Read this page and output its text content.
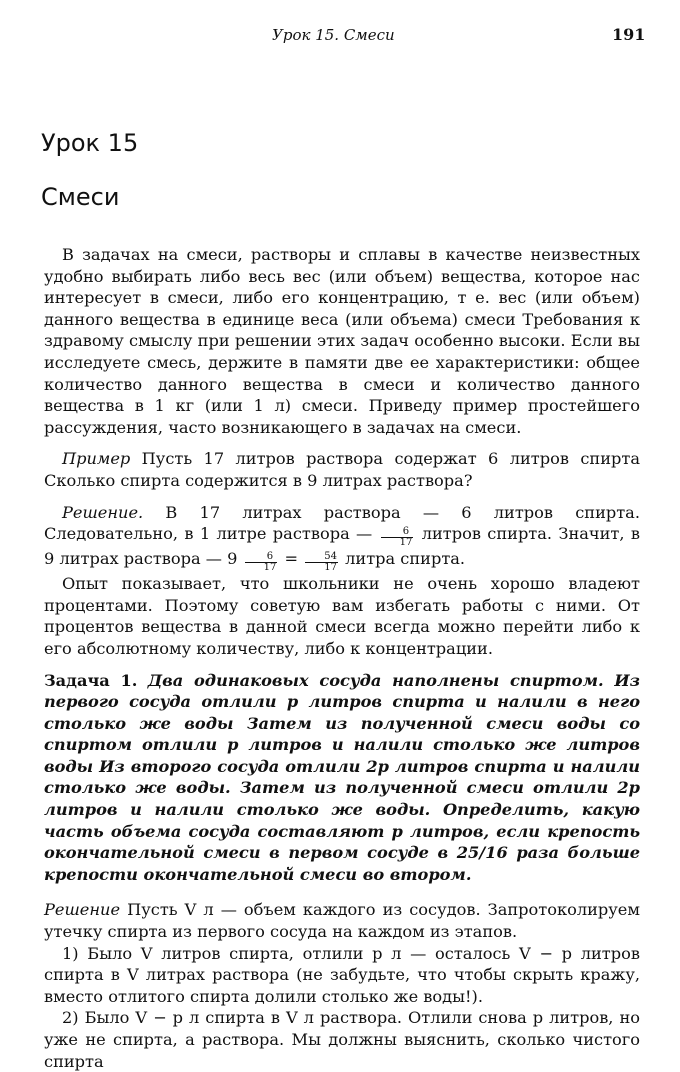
Урок 15. Смеси	191
Урок 15
Смеси

В задачах на смеси, растворы и сплавы в качестве неизвестных удобно выбирать либо весь вес (или объем) вещества, которое нас интересует в смеси, либо его концентрацию, т е. вес (или объем) данного вещества в единице веса (или объема) смеси Требования к здравому смыслу при решении этих задач особенно высоки. Если вы исследуете смесь, держите в памяти две ее характеристики: общее количество данного вещества в смеси и количество данного вещества в 1 кг (или 1 л) смеси. Приведу пример простейшего рассуждения, часто возникающего в задачах на смеси.

Пример Пусть 17 литров раствора содержат 6 литров спирта Сколько спирта содержится в 9 литрах раствора?

Решение. В 17 литрах раствора — 6 литров спирта. Следовательно, в 1 литре раствора — $\frac{6}{17}$ литров спирта. Значит, в 9 литрах раствора — $9 \frac{6}{17} = \frac{54}{17}$ литра спирта.

Опыт показывает, что школьники не очень хорошо владеют процентами. Поэтому советую вам избегать работы с ними. От процентов вещества в данной смеси всегда можно перейти либо к его абсолютному количеству, либо к концентрации.

Задача 1. Два одинаковых сосуда наполнены спиртом. Из первого сосуда отлили p литров спирта и налили в него столько же воды Затем из полученной смеси воды со спиртом отлили p литров и налили столько же литров воды Из второго сосуда отлили 2p литров спирта и налили столько же воды. Затем из полученной смеси отлили 2p литров и налили столько же воды. Определить, какую часть объема сосуда составляют p литров, если крепость окончательной смеси в первом сосуде в 25/16 раза больше крепости окончательной смеси во втором.

Решение Пусть V л — объем каждого из сосудов. Запротоколируем утечку спирта из первого сосуда на каждом из этапов.

1) Было V литров спирта, отлили p л — осталось V − p литров спирта в V литрах раствора (не забудьте, что чтобы скрыть кражу, вместо отлитого спирта долили столько же воды!).

2) Было V − p л спирта в V л раствора. Отлили снова p литров, но уже не спирта, а раствора. Мы должны выяснить, сколько чистого спирта
